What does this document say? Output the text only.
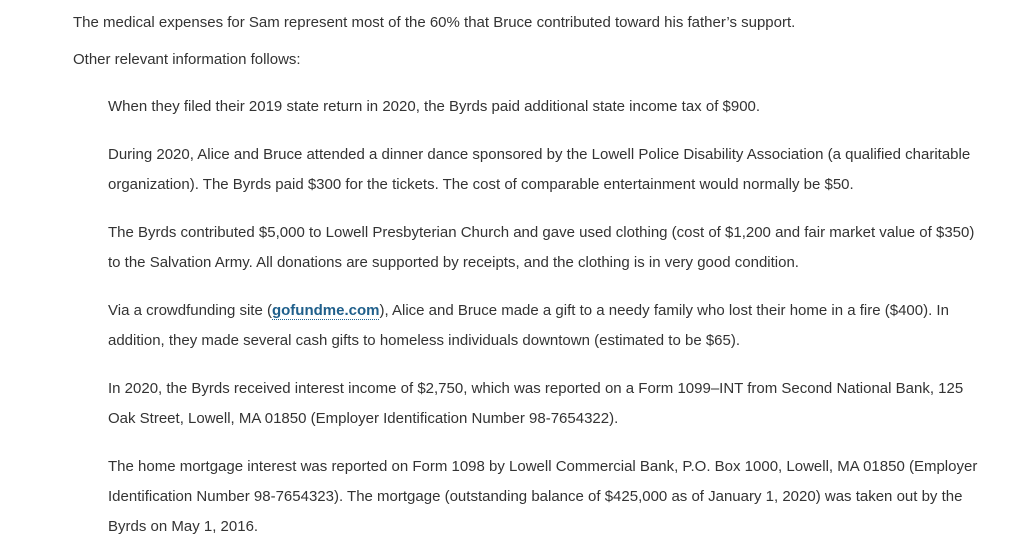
The medical expenses for Sam represent most of the 60% that Bruce contributed toward his father’s support.

Other relevant information follows:

When they filed their 2019 state return in 2020, the Byrds paid additional state income tax of $900.

During 2020, Alice and Bruce attended a dinner dance sponsored by the Lowell Police Disability Association (a qualified charitable organization). The Byrds paid $300 for the tickets. The cost of comparable entertainment would normally be $50.

The Byrds contributed $5,000 to Lowell Presbyterian Church and gave used clothing (cost of $1,200 and fair market value of $350) to the Salvation Army. All donations are supported by receipts, and the clothing is in very good condition.

Via a crowdfunding site (gofundme.com), Alice and Bruce made a gift to a needy family who lost their home in a fire ($400). In addition, they made several cash gifts to homeless individuals downtown (estimated to be $65).

In 2020, the Byrds received interest income of $2,750, which was reported on a Form 1099–INT from Second National Bank, 125 Oak Street, Lowell, MA 01850 (Employer Identification Number 98-7654322).

The home mortgage interest was reported on Form 1098 by Lowell Commercial Bank, P.O. Box 1000, Lowell, MA 01850 (Employer Identification Number 98-7654323). The mortgage (outstanding balance of $425,000 as of January 1, 2020) was taken out by the Byrds on May 1, 2016.
